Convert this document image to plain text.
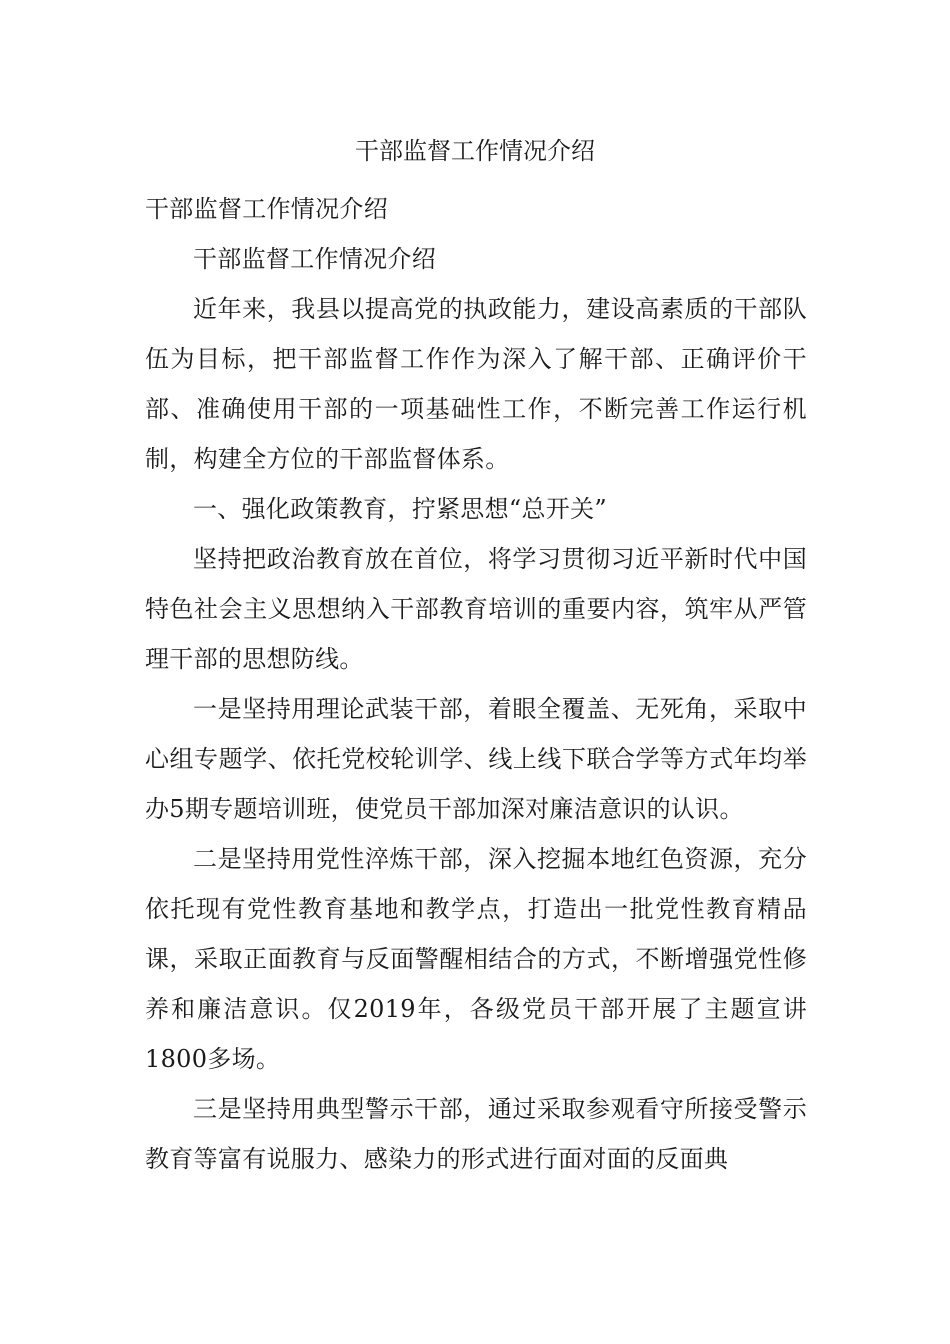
干部监督工作情况介绍

干部监督工作情况介绍

干部监督工作情况介绍

近年来，我县以提高党的执政能力，建设高素质的干部队伍为目标，把干部监督工作作为深入了解干部、正确评价干部、准确使用干部的一项基础性工作，不断完善工作运行机制，构建全方位的干部监督体系。

一、强化政策教育，拧紧思想“总开关”

坚持把政治教育放在首位，将学习贯彻习近平新时代中国特色社会主义思想纳入干部教育培训的重要内容，筑牢从严管理干部的思想防线。

一是坚持用理论武装干部，着眼全覆盖、无死角，采取中心组专题学、依托党校轮训学、线上线下联合学等方式年均举办5期专题培训班，使党员干部加深对廉洁意识的认识。

二是坚持用党性淬炼干部，深入挖掘本地红色资源，充分依托现有党性教育基地和教学点，打造出一批党性教育精品课，采取正面教育与反面警醒相结合的方式，不断增强党性修养和廉洁意识。仅2019年，各级党员干部开展了主题宣讲1800多场。

三是坚持用典型警示干部，通过采取参观看守所接受警示教育等富有说服力、感染力的形式进行面对面的反面典
